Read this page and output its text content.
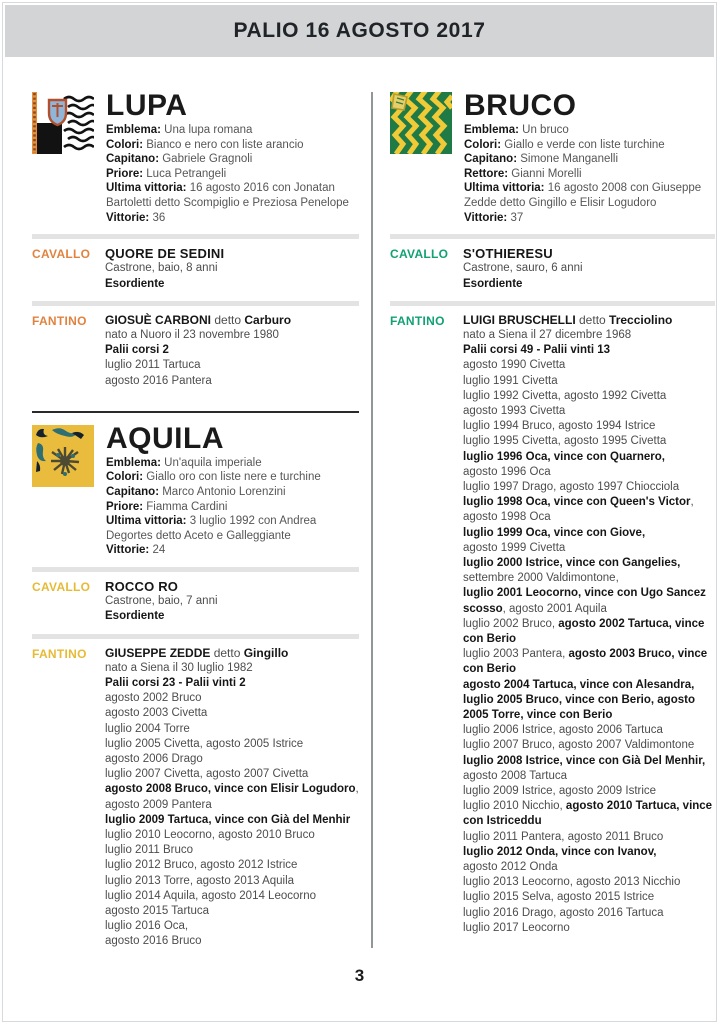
PALIO 16 AGOSTO 2017
LUPA

Emblema: Una lupa romana

Colori: Bianco e nero con liste arancio

Capitano: Gabriele Gragnoli

Priore: Luca Petrangeli

Ultima vittoria: 16 agosto 2016 con Jonatan Bartoletti detto Scompiglio e Preziosa Penelope

Vittorie: 36

CAVALLO	QUORE DE SEDINI
Castrone, baio, 8 anni
Esordiente
FANTINO	GIOSUÈ CARBONI detto Carburo
nato a Nuoro il 23 novembre 1980
Palii corsi 2
luglio 2011 Tartuca
agosto 2016 Pantera
AQUILA

Emblema: Un'aquila imperiale

Colori: Giallo oro con liste nere e turchine

Capitano: Marco Antonio Lorenzini

Priore: Fiamma Cardini

Ultima vittoria: 3 luglio 1992 con Andrea Degortes detto Aceto e Galleggiante

Vittorie: 24

CAVALLO	ROCCO RO
Castrone, baio, 7 anni
Esordiente
FANTINO	GIUSEPPE ZEDDE detto Gingillo
nato a Siena il 30 luglio 1982
Palii corsi 23 - Palii vinti 2
agosto 2002 Bruco
agosto 2003 Civetta
luglio 2004 Torre
luglio 2005 Civetta, agosto 2005 Istrice
agosto 2006 Drago
luglio 2007 Civetta, agosto 2007 Civetta
agosto 2008 Bruco, vince con Elisir Logudoro, agosto 2009 Pantera
luglio 2009 Tartuca, vince con Già del Menhir
luglio 2010 Leocorno, agosto 2010 Bruco
luglio 2011 Bruco
luglio 2012 Bruco, agosto 2012 Istrice
luglio 2013 Torre, agosto 2013 Aquila
luglio 2014 Aquila, agosto 2014 Leocorno
agosto 2015 Tartuca
luglio 2016 Oca,
agosto 2016 Bruco
BRUCO

Emblema: Un bruco

Colori: Giallo e verde con liste turchine

Capitano: Simone Manganelli

Rettore: Gianni Morelli

Ultima vittoria: 16 agosto 2008 con Giuseppe Zedde detto Gingillo e Elisir Logudoro

Vittorie: 37

CAVALLO	S'OTHIERESU
Castrone, sauro, 6 anni
Esordiente
FANTINO	LUIGI BRUSCHELLI detto Trecciolino
nato a Siena il 27 dicembre 1968
Palii corsi 49 - Palii vinti 13
agosto 1990 Civetta
luglio 1991 Civetta
luglio 1992 Civetta, agosto 1992 Civetta
agosto 1993 Civetta
luglio 1994 Bruco, agosto 1994 Istrice
luglio 1995 Civetta, agosto 1995 Civetta
luglio 1996 Oca, vince con Quarnero,
agosto 1996 Oca
luglio 1997 Drago, agosto 1997 Chiocciola
luglio 1998 Oca, vince con Queen's Victor,
agosto 1998 Oca
luglio 1999 Oca, vince con Giove,
agosto 1999 Civetta
luglio 2000 Istrice, vince con Gangelies,
settembre 2000 Valdimontone,
luglio 2001 Leocorno, vince con Ugo Sancez scosso, agosto 2001 Aquila
luglio 2002 Bruco, agosto 2002 Tartuca, vince con Berio
luglio 2003 Pantera, agosto 2003 Bruco, vince con Berio
agosto 2004 Tartuca, vince con Alesandra, luglio 2005 Bruco, vince con Berio, agosto 2005 Torre, vince con Berio
luglio 2006 Istrice, agosto 2006 Tartuca
luglio 2007 Bruco, agosto 2007 Valdimontone
luglio 2008 Istrice, vince con Già Del Menhir, agosto 2008 Tartuca
luglio 2009 Istrice, agosto 2009 Istrice
luglio 2010 Nicchio, agosto 2010 Tartuca, vince con Istriceddu
luglio 2011 Pantera, agosto 2011 Bruco
luglio 2012 Onda, vince con Ivanov,
agosto 2012 Onda
luglio 2013 Leocorno, agosto 2013 Nicchio
luglio 2015 Selva, agosto 2015 Istrice
luglio 2016 Drago, agosto 2016 Tartuca
luglio 2017 Leocorno
3
